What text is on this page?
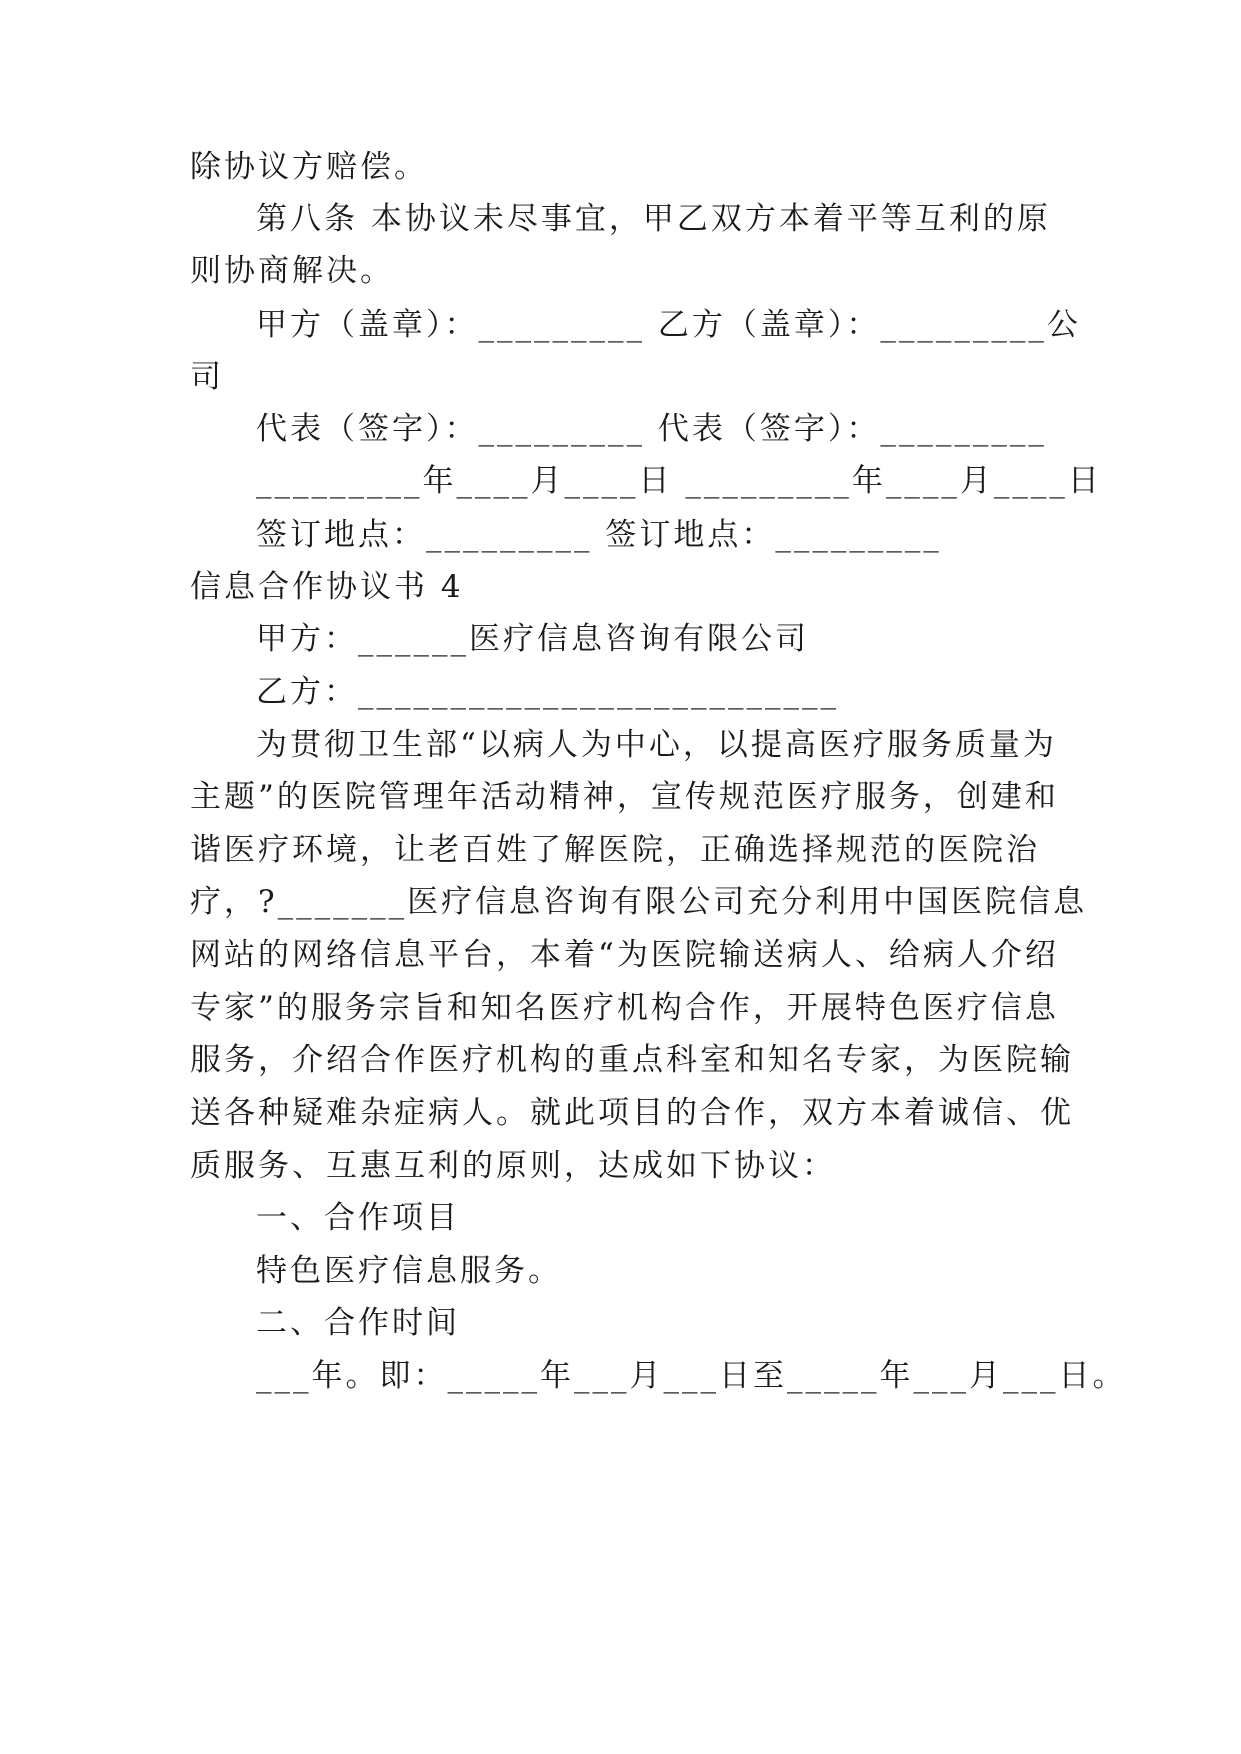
除协议方赔偿。
第八条 本协议未尽事宜，甲乙双方本着平等互利的原
则协商解决。
甲方（盖章）：_________ 乙方（盖章）：_________公
司
代表（签字）：_________ 代表（签字）：_________
_________年____月____日 _________年____月____日
签订地点：_________ 签订地点：_________
信息合作协议书 4
甲方：______医疗信息咨询有限公司
乙方：__________________________
为贯彻卫生部“以病人为中心，以提高医疗服务质量为
主题”的医院管理年活动精神，宣传规范医疗服务，创建和
谐医疗环境，让老百姓了解医院，正确选择规范的医院治
疗，?_______医疗信息咨询有限公司充分利用中国医院信息
网站的网络信息平台，本着“为医院输送病人、给病人介绍
专家”的服务宗旨和知名医疗机构合作，开展特色医疗信息
服务，介绍合作医疗机构的重点科室和知名专家，为医院输
送各种疑难杂症病人。就此项目的合作，双方本着诚信、优
质服务、互惠互利的原则，达成如下协议：
一、合作项目
特色医疗信息服务。
二、合作时间
___年。即：_____年___月___日至_____年___月___日。
